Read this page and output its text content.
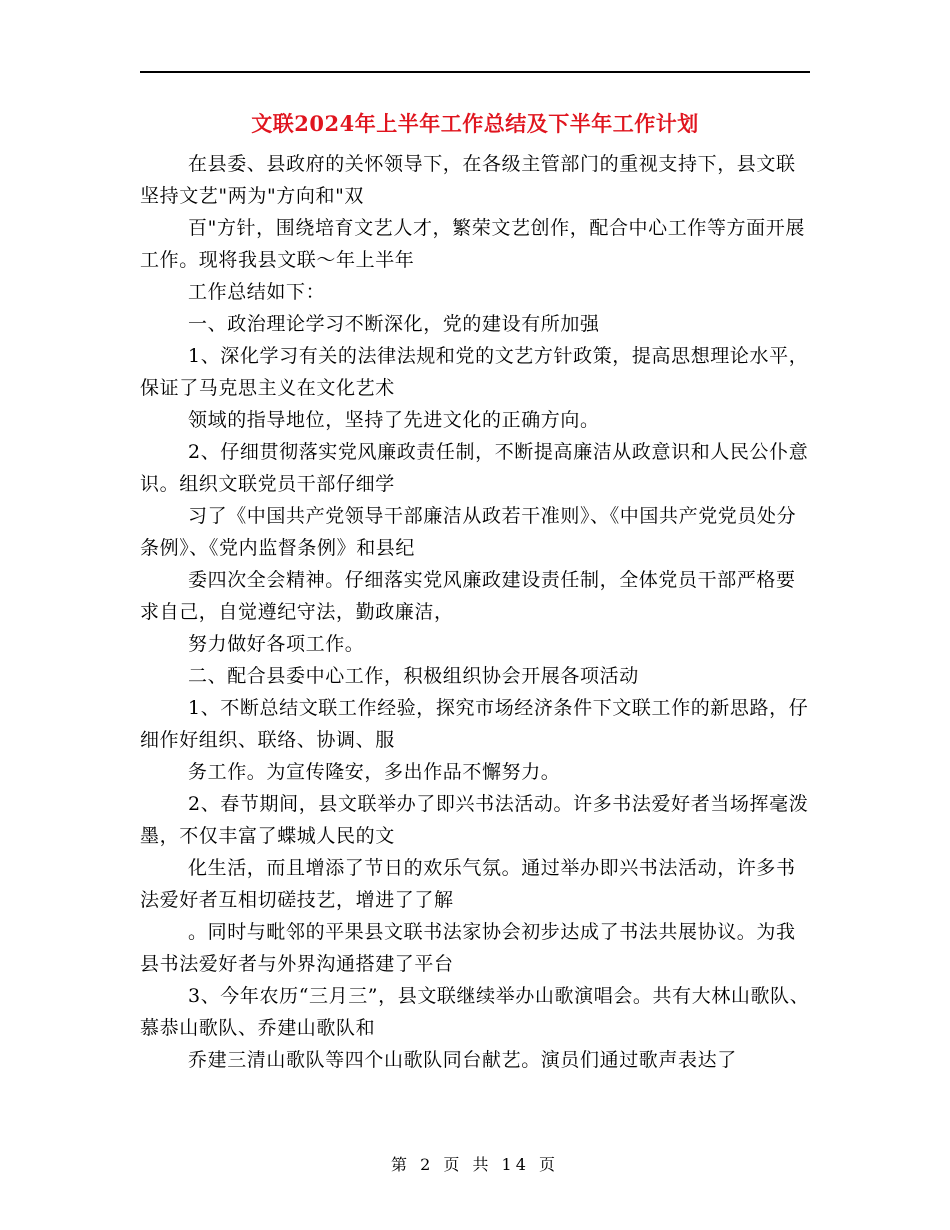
文联2024年上半年工作总结及下半年工作计划

在县委、县政府的关怀领导下，在各级主管部门的重视支持下，县文联坚持文艺"两为"方向和"双

百"方针，围绕培育文艺人才，繁荣文艺创作，配合中心工作等方面开展工作。现将我县文联～年上半年

工作总结如下：

一、政治理论学习不断深化，党的建设有所加强

1、深化学习有关的法律法规和党的文艺方针政策，提高思想理论水平，保证了马克思主义在文化艺术

领域的指导地位，坚持了先进文化的正确方向。

2、仔细贯彻落实党风廉政责任制，不断提高廉洁从政意识和人民公仆意识。组织文联党员干部仔细学

习了《中国共产党领导干部廉洁从政若干准则》、《中国共产党党员处分条例》、《党内监督条例》和县纪

委四次全会精神。仔细落实党风廉政建设责任制，全体党员干部严格要求自己，自觉遵纪守法，勤政廉洁，

努力做好各项工作。

二、配合县委中心工作，积极组织协会开展各项活动

1、不断总结文联工作经验，探究市场经济条件下文联工作的新思路，仔细作好组织、联络、协调、服

务工作。为宣传隆安，多出作品不懈努力。

2、春节期间，县文联举办了即兴书法活动。许多书法爱好者当场挥毫泼墨，不仅丰富了蝶城人民的文

化生活，而且增添了节日的欢乐气氛。通过举办即兴书法活动，许多书法爱好者互相切磋技艺，增进了了解

。同时与毗邻的平果县文联书法家协会初步达成了书法共展协议。为我县书法爱好者与外界沟通搭建了平台

3、今年农历“三月三”，县文联继续举办山歌演唱会。共有大林山歌队、慕恭山歌队、乔建山歌队和

乔建三清山歌队等四个山歌队同台献艺。演员们通过歌声表达了

第 2 页 共 14 页
